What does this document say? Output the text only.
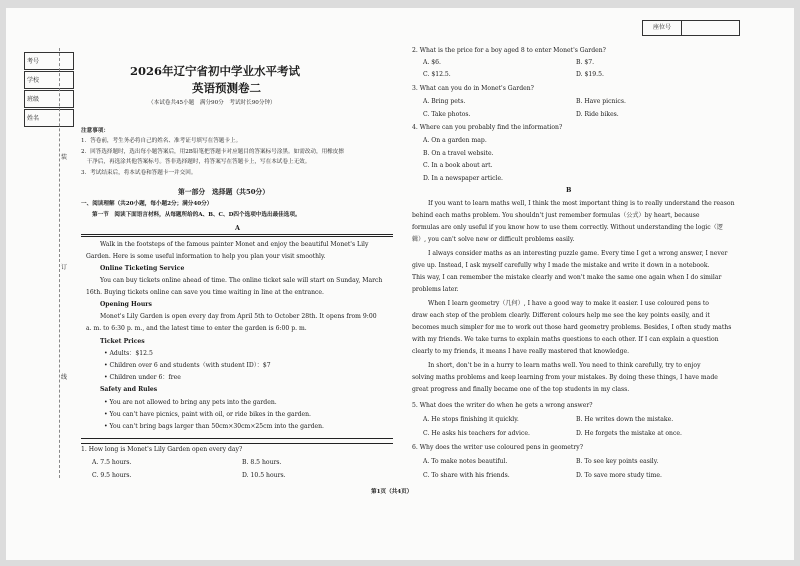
座位号
考号
学校
班级
姓名
装
订
线
2026年辽宁省初中学业水平考试
英语预测卷二
（本试卷共45小题　满分90分　考试时长90分钟）
注意事项：
1．答卷前，考生务必将自己的姓名、准考证号填写在答题卡上。
2．回答选择题时，选出每小题答案后，用2B铅笔把答题卡对应题目的答案标号涂黑。如需改动，用橡皮擦
　干净后，再选涂其他答案标号。答非选择题时，将答案写在答题卡上，写在本试卷上无效。
3．考试结束后，将本试卷和答题卡一并交回。
第一部分　选择题（共50分）
一、阅读理解（共20小题，每小题2分；满分40分）
第一节　阅读下面语言材料，从每题所给的A、B、C、D四个选项中选出最佳选项。
A
Walk in the footsteps of the famous painter Monet and enjoy the beautiful Monet's Lily
Garden. Here is some useful information to help you plan your visit smoothly.
Online Ticketing Service
You can buy tickets online ahead of time. The online ticket sale will start on Sunday, March
16th. Buying tickets online can save you time waiting in line at the entrance.
Opening Hours
Monet's Lily Garden is open every day from April 5th to October 28th. It opens from 9:00
a. m. to 6:30 p. m., and the latest time to enter the garden is 6:00 p. m.
Ticket Prices
• Adults：$12.5
• Children over 6 and students（with student ID）：$7
• Children under 6：free
Safety and Rules
• You are not allowed to bring any pets into the garden.
• You can't have picnics, paint with oil, or ride bikes in the garden.
• You can't bring bags larger than 50cm×30cm×25cm into the garden.
1. How long is Monet's Lily Garden open every day?
A. 7.5 hours.	B. 8.5 hours.
C. 9.5 hours.	D. 10.5 hours.
2. What is the price for a boy aged 8 to enter Monet's Garden?
A. $6.	B. $7.
C. $12.5.	D. $19.5.
3. What can you do in Monet's Garden?
A. Bring pets.	B. Have picnics.
C. Take photos.	D. Ride bikes.
4. Where can you probably find the information?
A. On a garden map.
B. On a travel website.
C. In a book about art.
D. In a newspaper article.
B
If you want to learn maths well, I think the most important thing is to really understand the reason
behind each maths problem. You shouldn't just remember formulas（公式）by heart, because
formulas are only useful if you know how to use them correctly. Without understanding the logic（逻
辑）, you can't solve new or difficult problems easily.
I always consider maths as an interesting puzzle game. Every time I get a wrong answer, I never
give up. Instead, I ask myself carefully why I made the mistake and write it down in a notebook.
This way, I can remember the mistake clearly and won't make the same one again when I do similar
problems later.
When I learn geometry（几何）, I have a good way to make it easier. I use coloured pens to
draw each step of the problem clearly. Different colours help me see the key points easily, and it
becomes much simpler for me to work out those hard geometry problems. Besides, I often study maths
with my friends. We take turns to explain maths questions to each other. If I can explain a question
clearly to my friends, it means I have really mastered that knowledge.
In short, don't be in a hurry to learn maths well. You need to think carefully, try to enjoy
solving maths problems and keep learning from your mistakes. By doing these things, I have made
great progress and finally became one of the top students in my class.
5. What does the writer do when he gets a wrong answer?
A. He stops finishing it quickly.	B. He writes down the mistake.
C. He asks his teachers for advice.	D. He forgets the mistake at once.
6. Why does the writer use coloured pens in geometry?
A. To make notes beautiful.	B. To see key points easily.
C. To share with his friends.	D. To save more study time.
第1页（共4页）
